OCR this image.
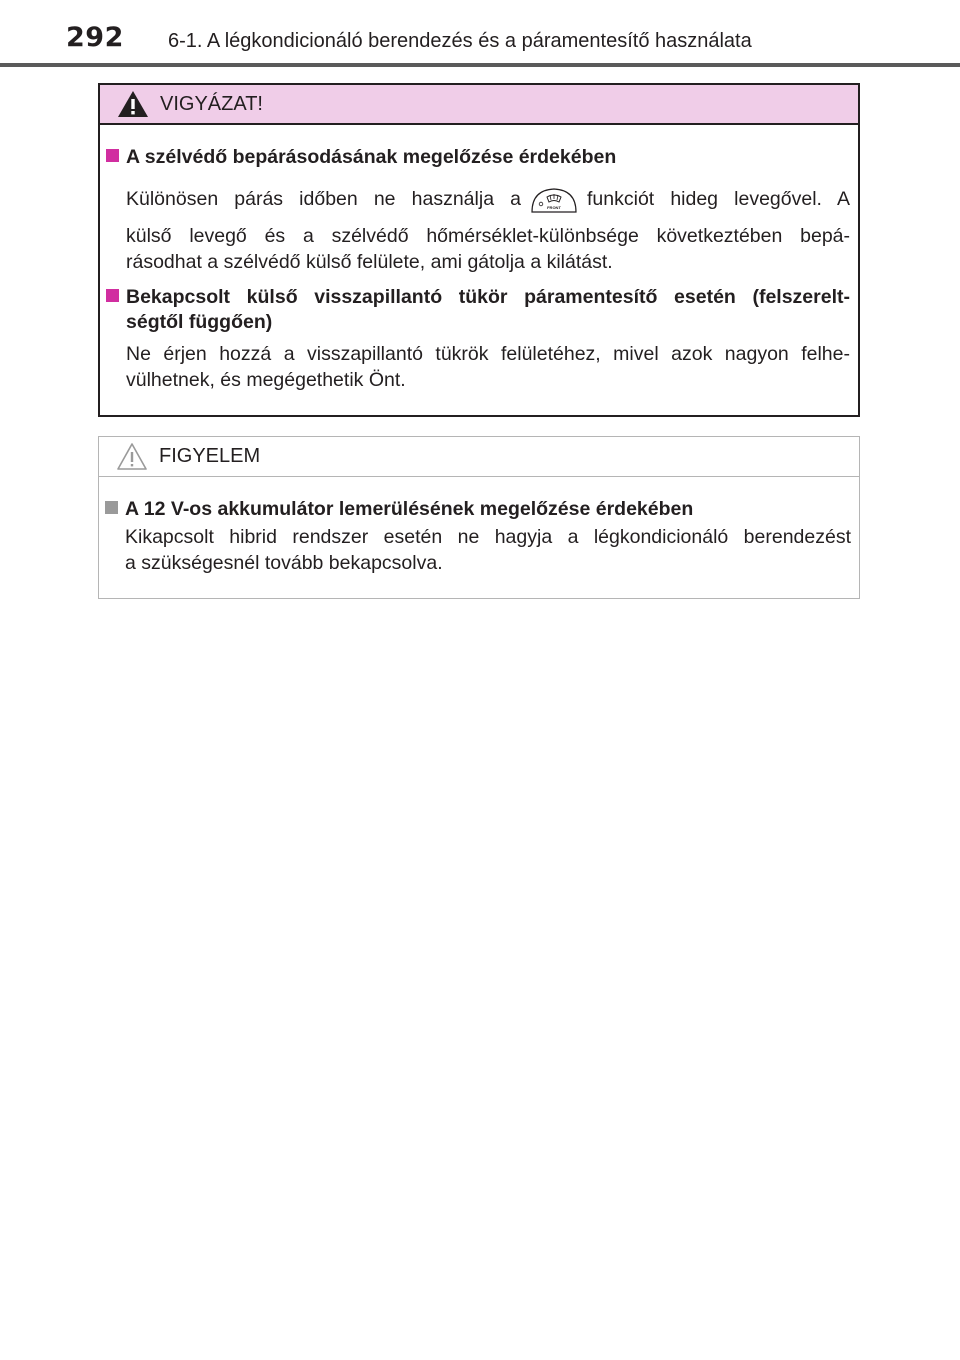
292 6-1. A légkondicionáló berendezés és a páramentesítő használata
VIGYÁZAT!
A szélvédő bepárásodásának megelőzése érdekében
Különösen párás időben ne használja a	FRONT funkciót hideg levegővel. A
külső levegő és a szélvédő hőmérséklet-különbsége következtében bepá-
rásodhat a szélvédő külső felülete, ami gátolja a kilátást.
Bekapcsolt külső visszapillantó tükör páramentesítő esetén (felszerelt-
ségtől függően)
Ne érjen hozzá a visszapillantó tükrök felületéhez, mivel azok nagyon felhe-
vülhetnek, és megégethetik Önt.
FIGYELEM
A 12 V-os akkumulátor lemerülésének megelőzése érdekében
Kikapcsolt hibrid rendszer esetén ne hagyja a légkondicionáló berendezést
a szükségesnél tovább bekapcsolva.
